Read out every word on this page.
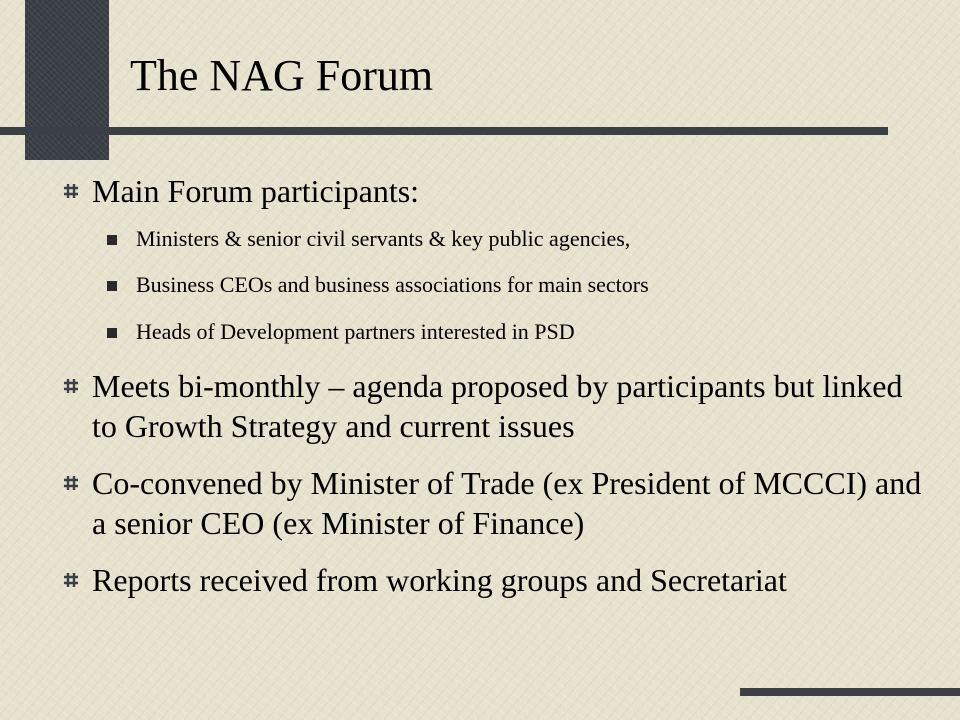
The NAG Forum
Main Forum participants:
Ministers & senior civil servants & key public agencies,
Business CEOs and business associations for main sectors
Heads of Development partners interested in PSD
Meets bi-monthly – agenda proposed by participants but linked to Growth Strategy and current issues
Co-convened by Minister of Trade (ex President of MCCCI) and a senior CEO (ex Minister of Finance)
Reports received from working groups and Secretariat
